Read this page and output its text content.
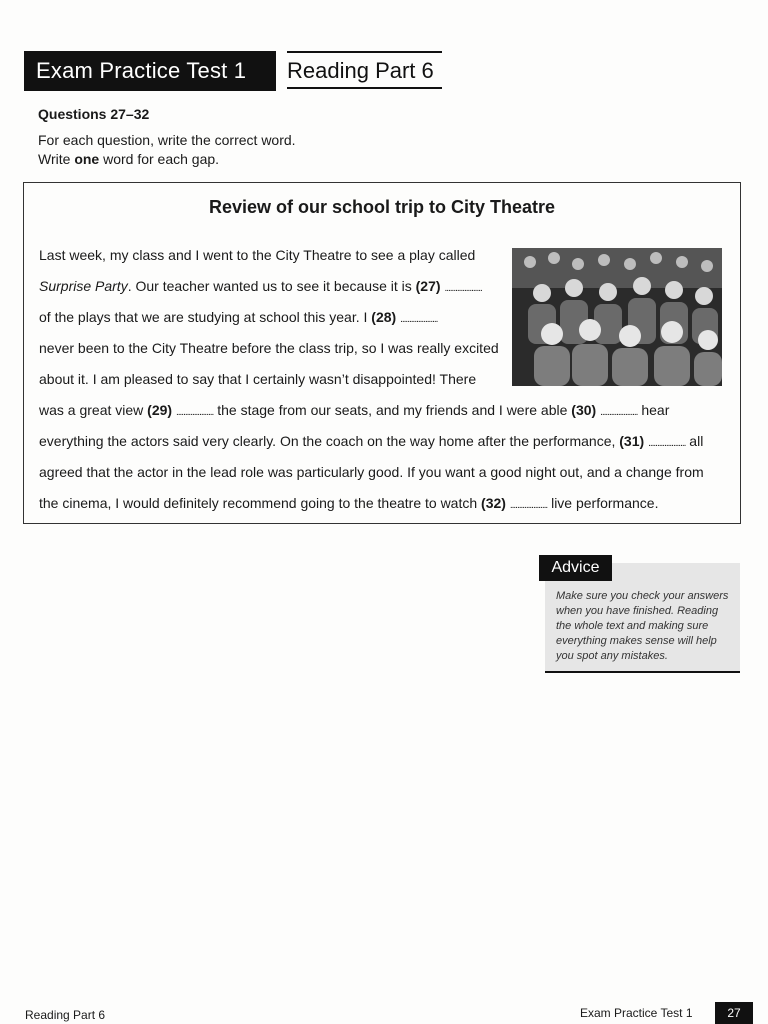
Exam Practice Test 1	Reading Part 6
Questions 27–32
For each question, write the correct word.
Write one word for each gap.
Review of our school trip to City Theatre
Last week, my class and I went to the City Theatre to see a play called
Surprise Party. Our teacher wanted us to see it because it is (27) .....................
of the plays that we are studying at school this year. I (28) .....................
never been to the City Theatre before the class trip, so I was really excited
about it. I am pleased to say that I certainly wasn’t disappointed! There
was a great view (29) ..................... the stage from our seats, and my friends and I were able (30) ..................... hear
everything the actors said very clearly. On the coach on the way home after the performance, (31) ..................... all
agreed that the actor in the lead role was particularly good. If you want a good night out, and a change from
the cinema, I would definitely recommend going to the theatre to watch (32) ..................... live performance.
Make sure you check your answers when you have finished. Reading the whole text and making sure everything makes sense will help you spot any mistakes.
Advice
Reading Part 6	Exam Practice Test 1	27
